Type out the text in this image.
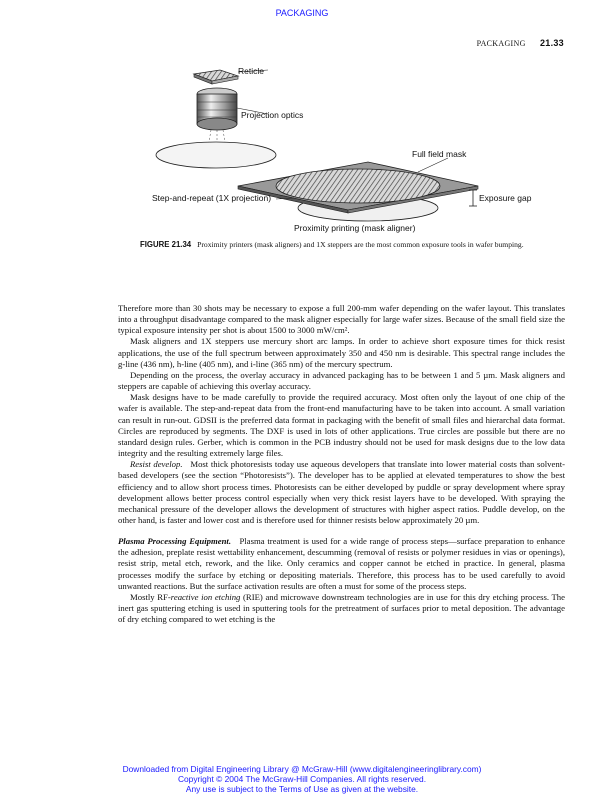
PACKAGING
PACKAGING 21.33
Reticle
Projection optics
Full field mask
Step-and-repeat (1X projection)	Exposure gap
Proximity printing (mask aligner)
FIGURE 21.34 Proximity printers (mask aligners) and 1X steppers are the most common exposure tools in wafer bumping.

Therefore more than 30 shots may be necessary to expose a full 200-mm wafer depending on the wafer layout. This translates into a throughput disadvantage compared to the mask aligner especially for large wafer sizes. Because of the small field size the typical exposure intensity per shot is about 1500 to 3000 mW/cm².

Mask aligners and 1X steppers use mercury short arc lamps. In order to achieve short exposure times for thick resist applications, the use of the full spectrum between approximately 350 and 450 nm is desirable. This spectral range includes the g-line (436 nm), h-line (405 nm), and i-line (365 nm) of the mercury spectrum.

Depending on the process, the overlay accuracy in advanced packaging has to be between 1 and 5 µm. Mask aligners and steppers are capable of achieving this overlay accuracy.

Mask designs have to be made carefully to provide the required accuracy. Most often only the layout of one chip of the wafer is available. The step-and-repeat data from the front-end manufacturing have to be taken into account. A small variation can result in run-out. GDSII is the preferred data format in packaging with the benefit of small files and hierarchal data format. Circles are reproduced by segments. The DXF is used in lots of other applications. True circles are possible but there are no standard design rules. Gerber, which is common in the PCB industry should not be used for mask designs due to the low data integrity and the resulting extremely large files.

Resist develop. Most thick photoresists today use aqueous developers that translate into lower material costs than solvent-based developers (see the section “Photoresists”). The developer has to be applied at elevated temperatures to show the best efficiency and to allow short process times. Photoresists can be either developed by puddle or spray development where spray development allows better process control especially when very thick resist layers have to be developed. With spraying the mechanical pressure of the developer allows the development of structures with higher aspect ratios. Puddle develop, on the other hand, is faster and lower cost and is therefore used for thinner resists below approximately 20 µm.

Plasma Processing Equipment. Plasma treatment is used for a wide range of process steps—surface preparation to enhance the adhesion, preplate resist wettability enhancement, descumming (removal of resists or polymer residues in vias or openings), resist strip, metal etch, rework, and the like. Only ceramics and copper cannot be etched in practice. In general, plasma processes modify the surface by etching or depositing materials. Therefore, this process has to be used carefully to avoid unwanted reactions. But the surface activation results are often a must for some of the process steps.

Mostly RF-reactive ion etching (RIE) and microwave downstream technologies are in use for this dry etching process. The inert gas sputtering etching is used in sputtering tools for the pretreatment of surfaces prior to metal deposition. The advantage of dry etching compared to wet etching is the

Downloaded from Digital Engineering Library @ McGraw-Hill (www.digitalengineeringlibrary.com)
Copyright © 2004 The McGraw-Hill Companies. All rights reserved.
Any use is subject to the Terms of Use as given at the website.
